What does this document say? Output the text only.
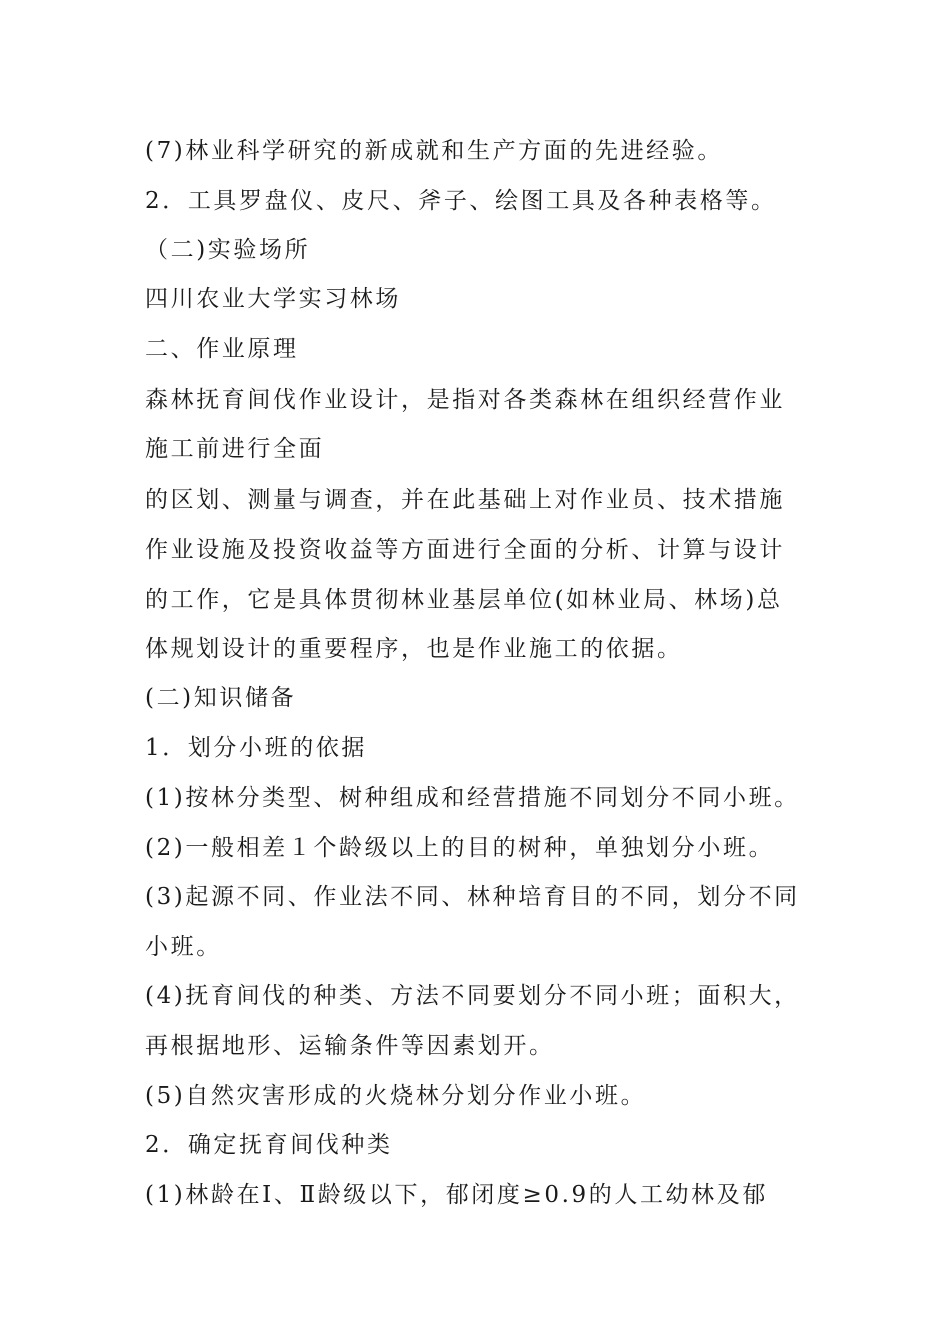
(7)林业科学研究的新成就和生产方面的先进经验。
2．工具罗盘仪、皮尺、斧子、绘图工具及各种表格等。
（二)实验场所
四川农业大学实习林场
二、作业原理
森林抚育间伐作业设计，是指对各类森林在组织经营作业
施工前进行全面
的区划、测量与调查，并在此基础上对作业员、技术措施
作业设施及投资收益等方面进行全面的分析、计算与设计
的工作，它是具体贯彻林业基层单位(如林业局、林场)总
体规划设计的重要程序，也是作业施工的依据。
(二)知识储备
1．划分小班的依据
(1)按林分类型、树种组成和经营措施不同划分不同小班。
(2)一般相差１个龄级以上的目的树种，单独划分小班。
(3)起源不同、作业法不同、林种培育目的不同，划分不同
小班。
(4)抚育间伐的种类、方法不同要划分不同小班；面积大，
再根据地形、运输条件等因素划开。
(5)自然灾害形成的火烧林分划分作业小班。
2．确定抚育间伐种类
(1)林龄在Ⅰ、Ⅱ龄级以下，郁闭度≥0.9的人工幼林及郁
